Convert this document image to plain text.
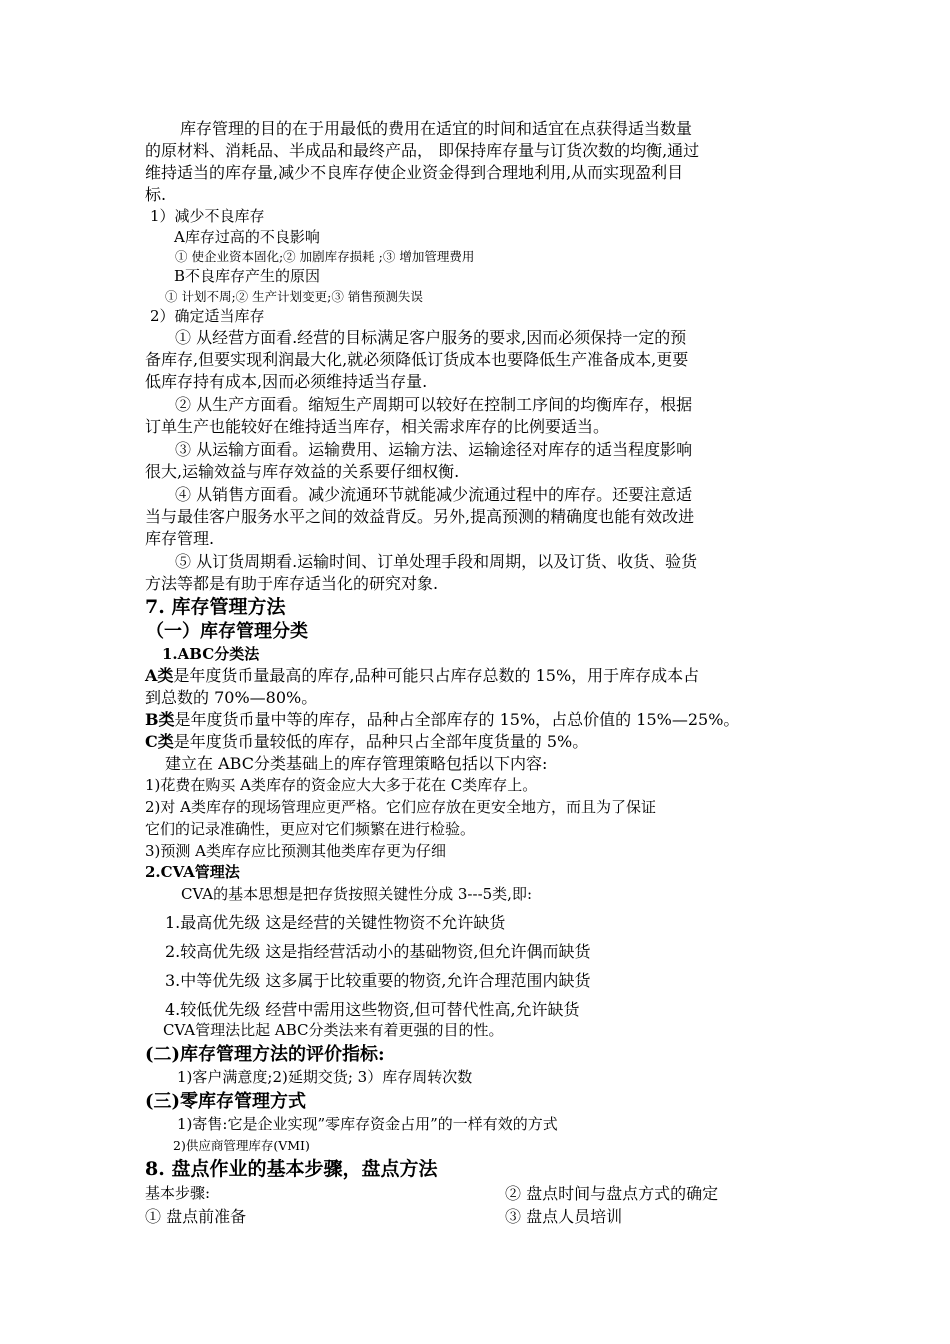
库存管理的目的在于用最低的费用在适宜的时间和适宜在点获得适当数量
的原材料、消耗品、半成品和最终产品， 即保持库存量与订货次数的均衡,通过
维持适当的库存量,减少不良库存使企业资金得到合理地利用,从而实现盈利目
标.
1）减少不良库存
A库存过高的不良影响
① 使企业资本固化;② 加剧库存损耗 ;③ 增加管理费用
B不良库存产生的原因
① 计划不周;② 生产计划变更;③ 销售预测失误
2）确定适当库存
① 从经营方面看.经营的目标满足客户服务的要求,因而必须保持一定的预
备库存,但要实现利润最大化,就必须降低订货成本也要降低生产准备成本,更要
低库存持有成本,因而必须维持适当存量.
② 从生产方面看。缩短生产周期可以较好在控制工序间的均衡库存，根据
订单生产也能较好在维持适当库存，相关需求库存的比例要适当。
③ 从运输方面看。运输费用、运输方法、运输途径对库存的适当程度影响
很大,运输效益与库存效益的关系要仔细权衡.
④ 从销售方面看。减少流通环节就能减少流通过程中的库存。还要注意适
当与最佳客户服务水平之间的效益背反。另外,提高预测的精确度也能有效改进
库存管理.
⑤ 从订货周期看.运输时间、订单处理手段和周期，以及订货、收货、验货
方法等都是有助于库存适当化的研究对象.
7. 库存管理方法
（一）库存管理分类
1.ABC分类法
A类是年度货币量最高的库存,品种可能只占库存总数的 15%，用于库存成本占
到总数的 70%—80%。
B类是年度货币量中等的库存，品种占全部库存的 15%，占总价值的 15%—25%。
C类是年度货币量较低的库存，品种只占全部年度货量的 5%。
建立在 ABC分类基础上的库存管理策略包括以下内容:
1)花费在购买 A类库存的资金应大大多于花在 C类库存上。
2)对 A类库存的现场管理应更严格。它们应存放在更安全地方，而且为了保证
它们的记录准确性，更应对它们频繁在进行检验。
3)预测 A类库存应比预测其他类库存更为仔细
2.CVA管理法
CVA的基本思想是把存货按照关键性分成 3---5类,即:
1.最高优先级 这是经营的关键性物资不允许缺货
2.较高优先级 这是指经营活动小的基础物资,但允许偶而缺货
3.中等优先级 这多属于比较重要的物资,允许合理范围内缺货
4.较低优先级 经营中需用这些物资,但可替代性高,允许缺货
CVA管理法比起 ABC分类法来有着更强的目的性。
(二)库存管理方法的评价指标:
1)客户满意度;2)延期交货; 3）库存周转次数
(三)零库存管理方式
1)寄售:它是企业实现”零库存资金占用”的一样有效的方式
2)供应商管理库存(VMI)
8. 盘点作业的基本步骤，盘点方法
基本步骤:	② 盘点时间与盘点方式的确定
① 盘点前准备	③ 盘点人员培训
